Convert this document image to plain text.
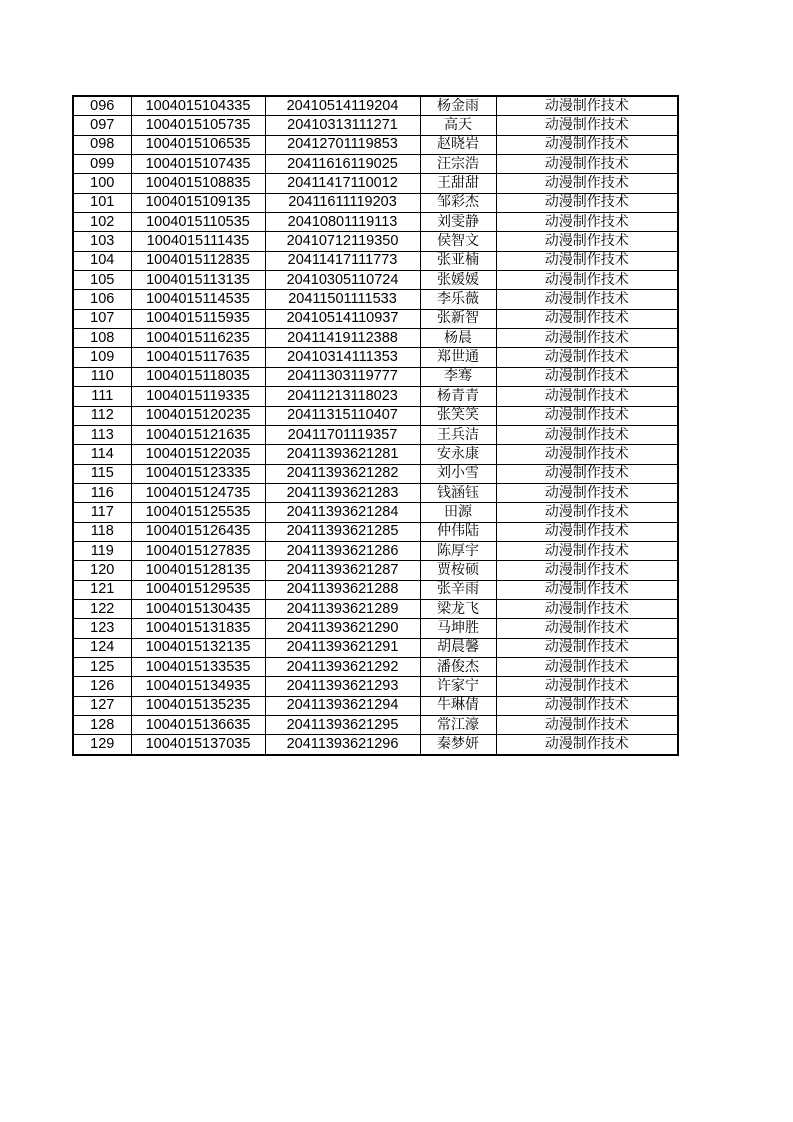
096	1004015104335	20410514119204	杨金雨	动漫制作技术
097	1004015105735	20410313111271	高天	动漫制作技术
098	1004015106535	20412701119853	赵晓岩	动漫制作技术
099	1004015107435	20411616119025	汪宗浩	动漫制作技术
100	1004015108835	20411417110012	王甜甜	动漫制作技术
101	1004015109135	20411611119203	邹彩杰	动漫制作技术
102	1004015110535	20410801119113	刘雯静	动漫制作技术
103	1004015111435	20410712119350	侯智文	动漫制作技术
104	1004015112835	20411417111773	张亚楠	动漫制作技术
105	1004015113135	20410305110724	张媛媛	动漫制作技术
106	1004015114535	20411501111533	李乐薇	动漫制作技术
107	1004015115935	20410514110937	张新智	动漫制作技术
108	1004015116235	20411419112388	杨晨	动漫制作技术
109	1004015117635	20410314111353	郑世通	动漫制作技术
110	1004015118035	20411303119777	李骞	动漫制作技术
111	1004015119335	20411213118023	杨青青	动漫制作技术
112	1004015120235	20411315110407	张笑笑	动漫制作技术
113	1004015121635	20411701119357	王兵洁	动漫制作技术
114	1004015122035	20411393621281	安永康	动漫制作技术
115	1004015123335	20411393621282	刘小雪	动漫制作技术
116	1004015124735	20411393621283	钱涵钰	动漫制作技术
117	1004015125535	20411393621284	田源	动漫制作技术
118	1004015126435	20411393621285	仲伟陆	动漫制作技术
119	1004015127835	20411393621286	陈厚宇	动漫制作技术
120	1004015128135	20411393621287	贾桉硕	动漫制作技术
121	1004015129535	20411393621288	张辛雨	动漫制作技术
122	1004015130435	20411393621289	梁龙飞	动漫制作技术
123	1004015131835	20411393621290	马坤胜	动漫制作技术
124	1004015132135	20411393621291	胡晨馨	动漫制作技术
125	1004015133535	20411393621292	潘俊杰	动漫制作技术
126	1004015134935	20411393621293	许家宁	动漫制作技术
127	1004015135235	20411393621294	牛琳倩	动漫制作技术
128	1004015136635	20411393621295	常江濠	动漫制作技术
129	1004015137035	20411393621296	秦梦妍	动漫制作技术
